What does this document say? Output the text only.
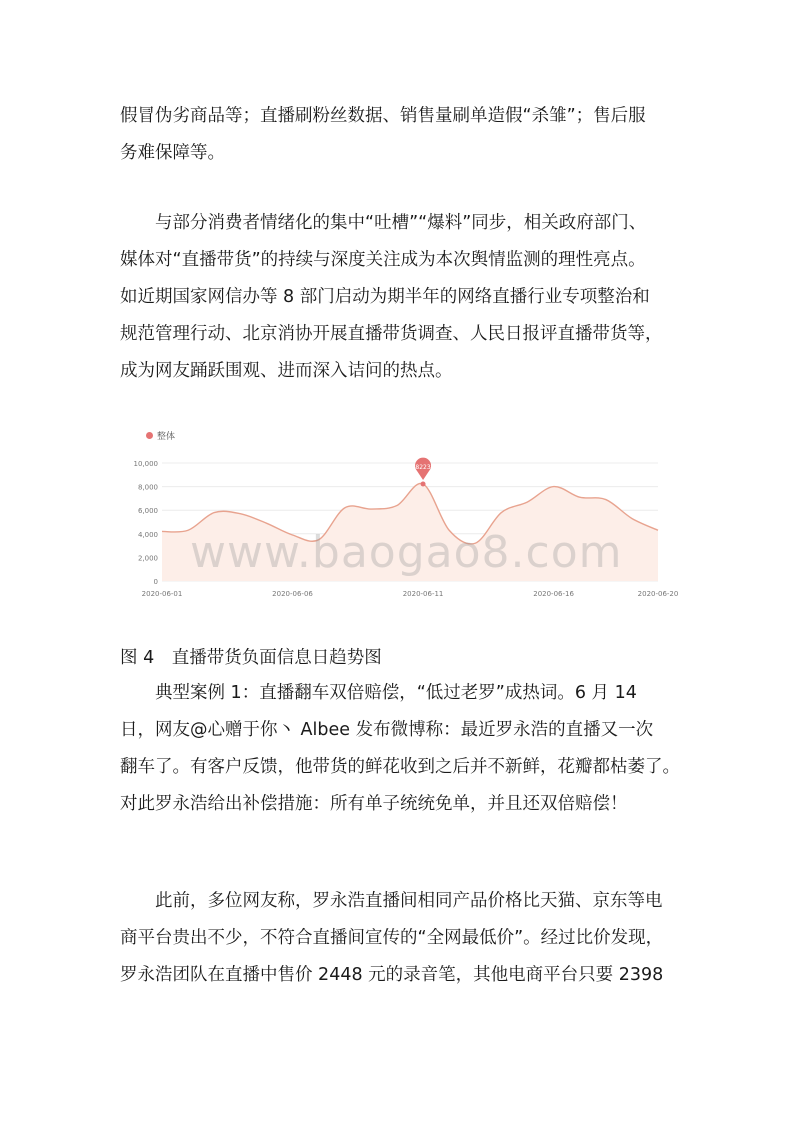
假冒伪劣商品等；直播刷粉丝数据、销售量刷单造假“杀雏”；售后服
务难保障等。

　　与部分消费者情绪化的集中“吐槽”“爆料”同步，相关政府部门、
媒体对“直播带货”的持续与深度关注成为本次舆情监测的理性亮点。
如近期国家网信办等 8 部门启动为期半年的网络直播行业专项整治和
规范管理行动、北京消协开展直播带货调查、人民日报评直播带货等，
成为网友踊跃围观、进而深入诘问的热点。

整体
0
2,000
4,000
6,000
8,000
10,000	8223
2020-06-01	2020-06-06	2020-06-11	2020-06-16	2020-06-20
www.baogao8.com
图 4　直播带货负面信息日趋势图

　　典型案例 1：直播翻车双倍赔偿，“低过老罗”成热词。6 月 14
日，网友@心赠于你丶 Albee 发布微博称：最近罗永浩的直播又一次
翻车了。有客户反馈，他带货的鲜花收到之后并不新鲜，花瓣都枯萎了。
对此罗永浩给出补偿措施：所有单子统统免单，并且还双倍赔偿！

　　此前，多位网友称，罗永浩直播间相同产品价格比天猫、京东等电
商平台贵出不少，不符合直播间宣传的“全网最低价”。经过比价发现，
罗永浩团队在直播中售价 2448 元的录音笔，其他电商平台只要 2398
